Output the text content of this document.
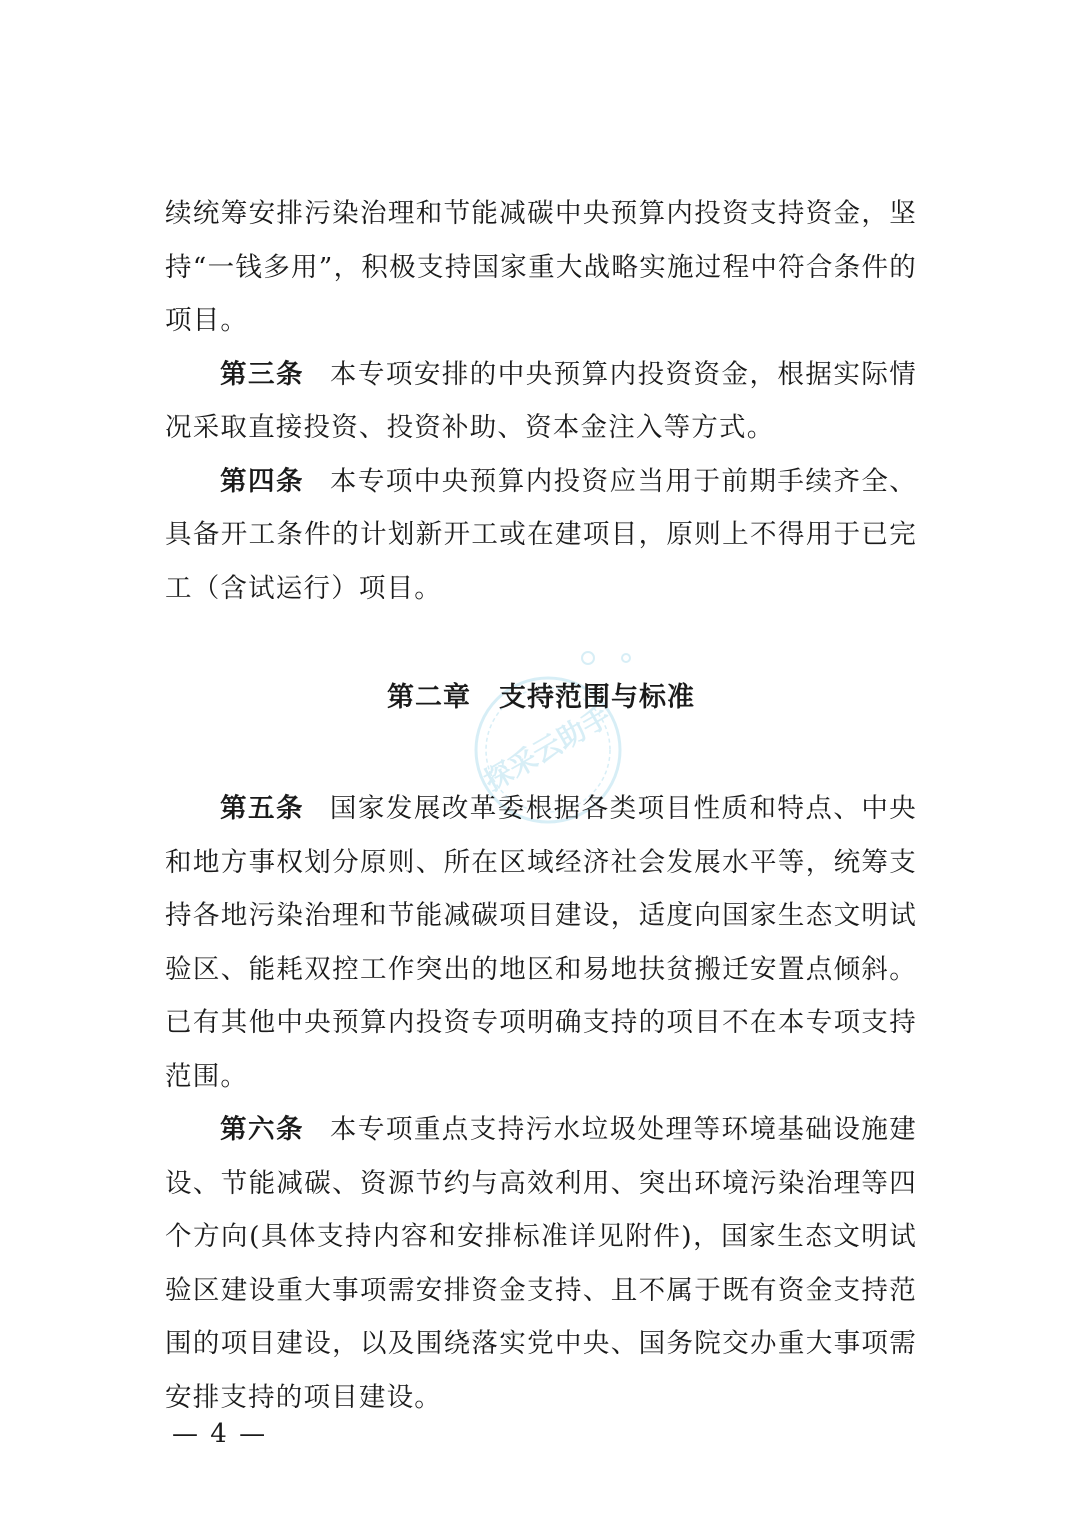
探采云助手

续统筹安排污染治理和节能减碳中央预算内投资支持资金，坚持“一钱多用”，积极支持国家重大战略实施过程中符合条件的项目。

第三条 本专项安排的中央预算内投资资金，根据实际情况采取直接投资、投资补助、资本金注入等方式。

第四条 本专项中央预算内投资应当用于前期手续齐全、具备开工条件的计划新开工或在建项目，原则上不得用于已完工（含试运行）项目。

第二章　支持范围与标准

第五条 国家发展改革委根据各类项目性质和特点、中央和地方事权划分原则、所在区域经济社会发展水平等，统筹支持各地污染治理和节能减碳项目建设，适度向国家生态文明试验区、能耗双控工作突出的地区和易地扶贫搬迁安置点倾斜。已有其他中央预算内投资专项明确支持的项目不在本专项支持范围。

第六条 本专项重点支持污水垃圾处理等环境基础设施建设、节能减碳、资源节约与高效利用、突出环境污染治理等四个方向(具体支持内容和安排标准详见附件)，国家生态文明试验区建设重大事项需安排资金支持、且不属于既有资金支持范围的项目建设，以及围绕落实党中央、国务院交办重大事项需安排支持的项目建设。

— 4 —
